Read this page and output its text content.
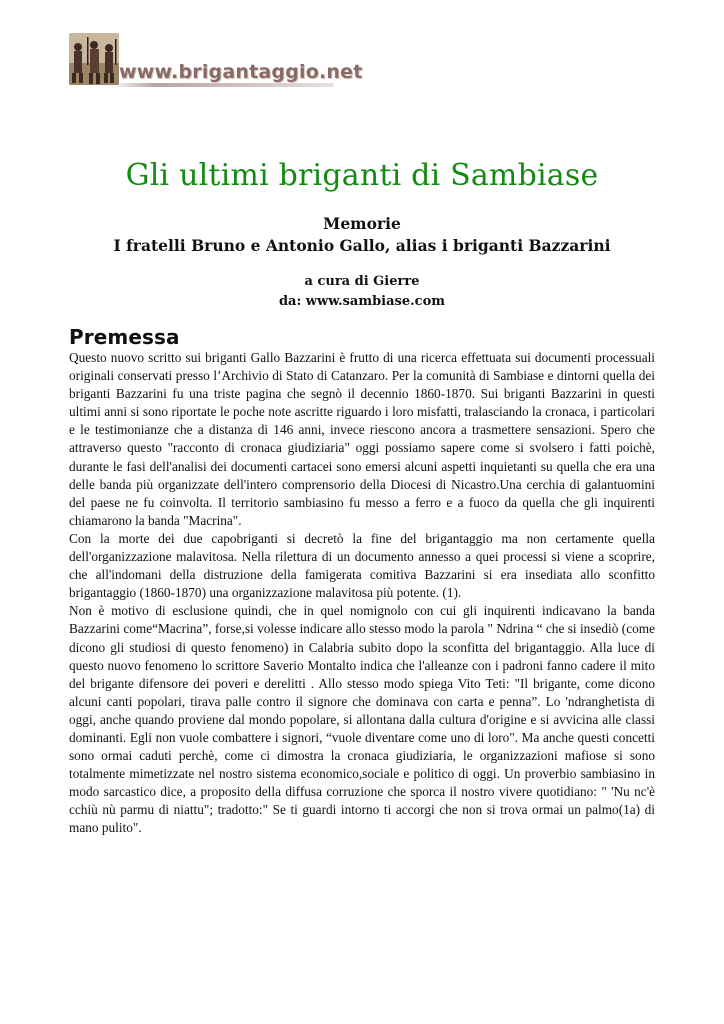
www.brigantaggio.net
Gli ultimi briganti di Sambiase
Memorie
I fratelli Bruno e Antonio Gallo, alias i briganti Bazzarini
a cura di Gierre
da: www.sambiase.com
Premessa

Questo nuovo scritto sui briganti Gallo Bazzarini è frutto di una ricerca effettuata sui documenti processuali originali conservati presso l’Archivio di Stato di Catanzaro. Per la comunità di Sambiase e dintorni quella dei briganti Bazzarini fu una triste pagina che segnò il decennio 1860-1870. Sui briganti Bazzarini in questi ultimi anni si sono riportate le poche note ascritte riguardo i loro misfatti, tralasciando la cronaca, i particolari e le testimonianze che a distanza di 146 anni, invece riescono ancora a trasmettere sensazioni. Spero che attraverso questo "racconto di cronaca giudiziaria" oggi possiamo sapere come si svolsero i fatti poichè, durante le fasi dell'analisi dei documenti cartacei sono emersi alcuni aspetti inquietanti su quella che era una delle banda più organizzate dell'intero comprensorio della Diocesi di Nicastro.Una cerchia di galantuomini del paese ne fu coinvolta. Il territorio sambiasino fu messo a ferro e a fuoco da quella che gli inquirenti chiamarono la banda "Macrina".

Con la morte dei due capobriganti si decretò la fine del brigantaggio ma non certamente quella dell'organizzazione malavitosa. Nella rilettura di un documento annesso a quei processi si viene a scoprire, che all'indomani della distruzione della famigerata comitiva Bazzarini si era insediata allo sconfitto brigantaggio (1860-1870) una organizzazione malavitosa più potente. (1).

Non è motivo di esclusione quindi, che in quel nomignolo con cui gli inquirenti indicavano la banda Bazzarini come“Macrina”, forse,si volesse indicare allo stesso modo la parola " Ndrina “ che si insediò (come dicono gli studiosi di questo fenomeno) in Calabria subito dopo la sconfitta del brigantaggio. Alla luce di questo nuovo fenomeno lo scrittore Saverio Montalto indica che l'alleanze con i padroni fanno cadere il mito del brigante difensore dei poveri e derelitti . Allo stesso modo spiega Vito Teti: "Il brigante, come dicono alcuni canti popolari, tirava palle contro il signore che dominava con carta e penna”. Lo 'ndranghetista di oggi, anche quando proviene dal mondo popolare, si allontana dalla cultura d'origine e si avvicina alle classi dominanti. Egli non vuole combattere i signori, “vuole diventare come uno di loro". Ma anche questi concetti sono ormai caduti perchè, come ci dimostra la cronaca giudiziaria, le organizzazioni mafiose si sono totalmente mimetizzate nel nostro sistema economico,sociale e politico di oggi. Un proverbio sambiasino in modo sarcastico dice, a proposito della diffusa corruzione che sporca il nostro vivere quotidiano: " 'Nu nc'è cchiù nù parmu di niattu"; tradotto:" Se ti guardi intorno ti accorgi che non si trova ormai un palmo(1a) di mano pulito".
